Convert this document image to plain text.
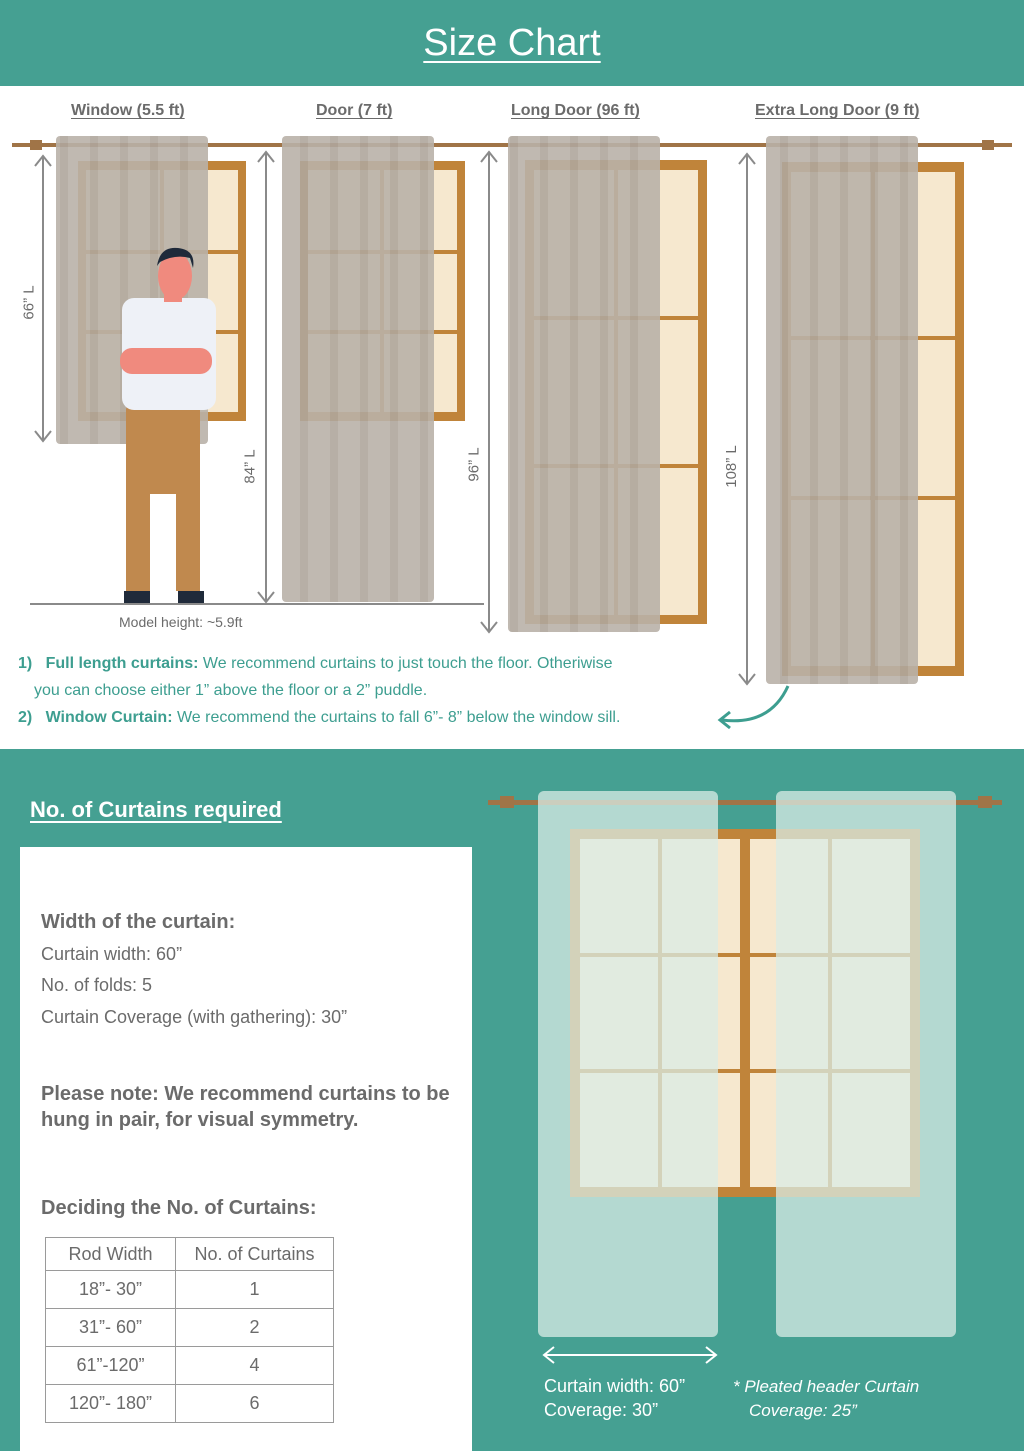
Size Chart
Window (5.5 ft)	Door (7 ft)	Long Door (96 ft)	Extra Long Door (9 ft)
66” L
84” L	96” L	108” L
Model height: ~5.9ft
1) Full length curtains: We recommend curtains to just touch the floor. Otheriwise
you can choose either 1” above the floor or a 2” puddle.
2) Window Curtain: We recommend the curtains to fall 6”- 8” below the window sill.
No. of Curtains required
Width of the curtain:
Curtain width: 60”
No. of folds: 5
Curtain Coverage (with gathering): 30”
Please note: We recommend curtains to be hung in pair, for visual symmetry.
Deciding the No. of Curtains:
Rod Width	No. of Curtains
18”- 30”	1
31”- 60”	2
61”-120”	4
120”- 180”	6
Curtain width: 60”
Coverage: 30”
* Pleated header Curtain
Coverage: 25”
